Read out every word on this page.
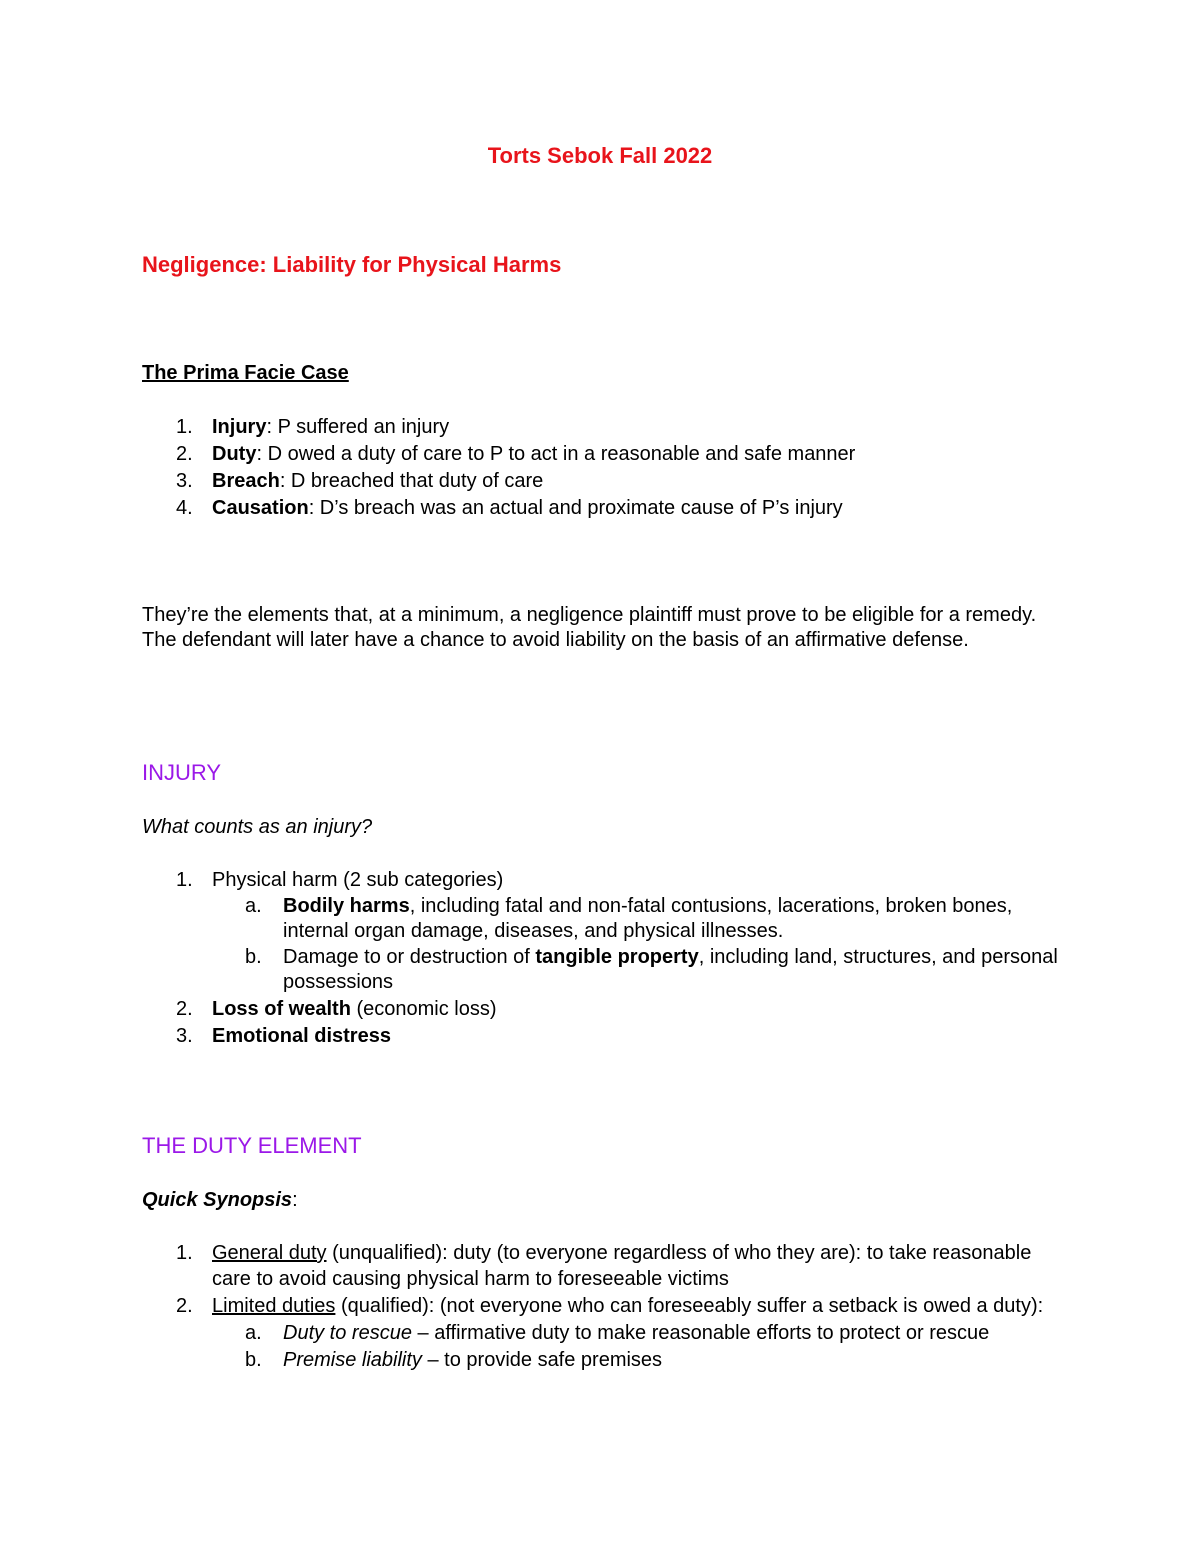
Torts Sebok Fall 2022
Negligence: Liability for Physical Harms
The Prima Facie Case
1. Injury: P suffered an injury
2. Duty: D owed a duty of care to P to act in a reasonable and safe manner
3. Breach: D breached that duty of care
4. Causation: D’s breach was an actual and proximate cause of P’s injury

They’re the elements that, at a minimum, a negligence plaintiff must prove to be eligible for a remedy. The defendant will later have a chance to avoid liability on the basis of an affirmative defense.

INJURY
What counts as an injury?
1. Physical harm (2 sub categories)
a. Bodily harms, including fatal and non-fatal contusions, lacerations, broken bones, internal organ damage, diseases, and physical illnesses.
b. Damage to or destruction of tangible property, including land, structures, and personal possessions
2. Loss of wealth (economic loss)
3. Emotional distress
THE DUTY ELEMENT
Quick Synopsis:
1. General duty (unqualified): duty (to everyone regardless of who they are): to take reasonable care to avoid causing physical harm to foreseeable victims
2. Limited duties (qualified): (not everyone who can foreseeably suffer a setback is owed a duty):
a. Duty to rescue – affirmative duty to make reasonable efforts to protect or rescue
b. Premise liability – to provide safe premises
